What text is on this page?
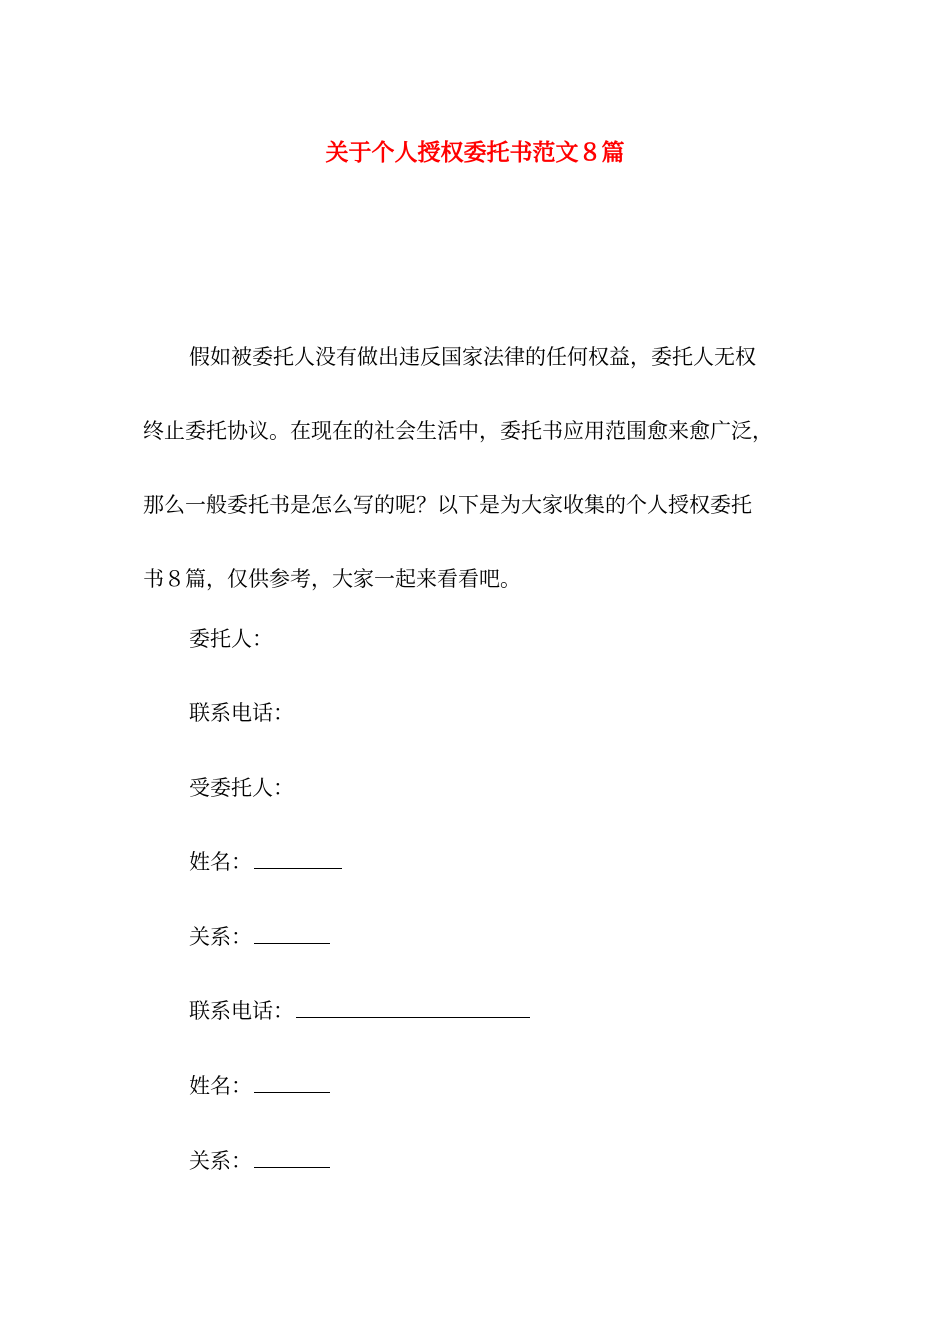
关于个人授权委托书范文８篇
假如被委托人没有做出违反国家法律的任何权益，委托人无权
终止委托协议。在现在的社会生活中，委托书应用范围愈来愈广泛，
那么一般委托书是怎么写的呢？以下是为大家收集的个人授权委托
书８篇，仅供参考，大家一起来看看吧。
委托人：
联系电话：
受委托人：
姓名：
关系：
联系电话：
姓名：
关系：
